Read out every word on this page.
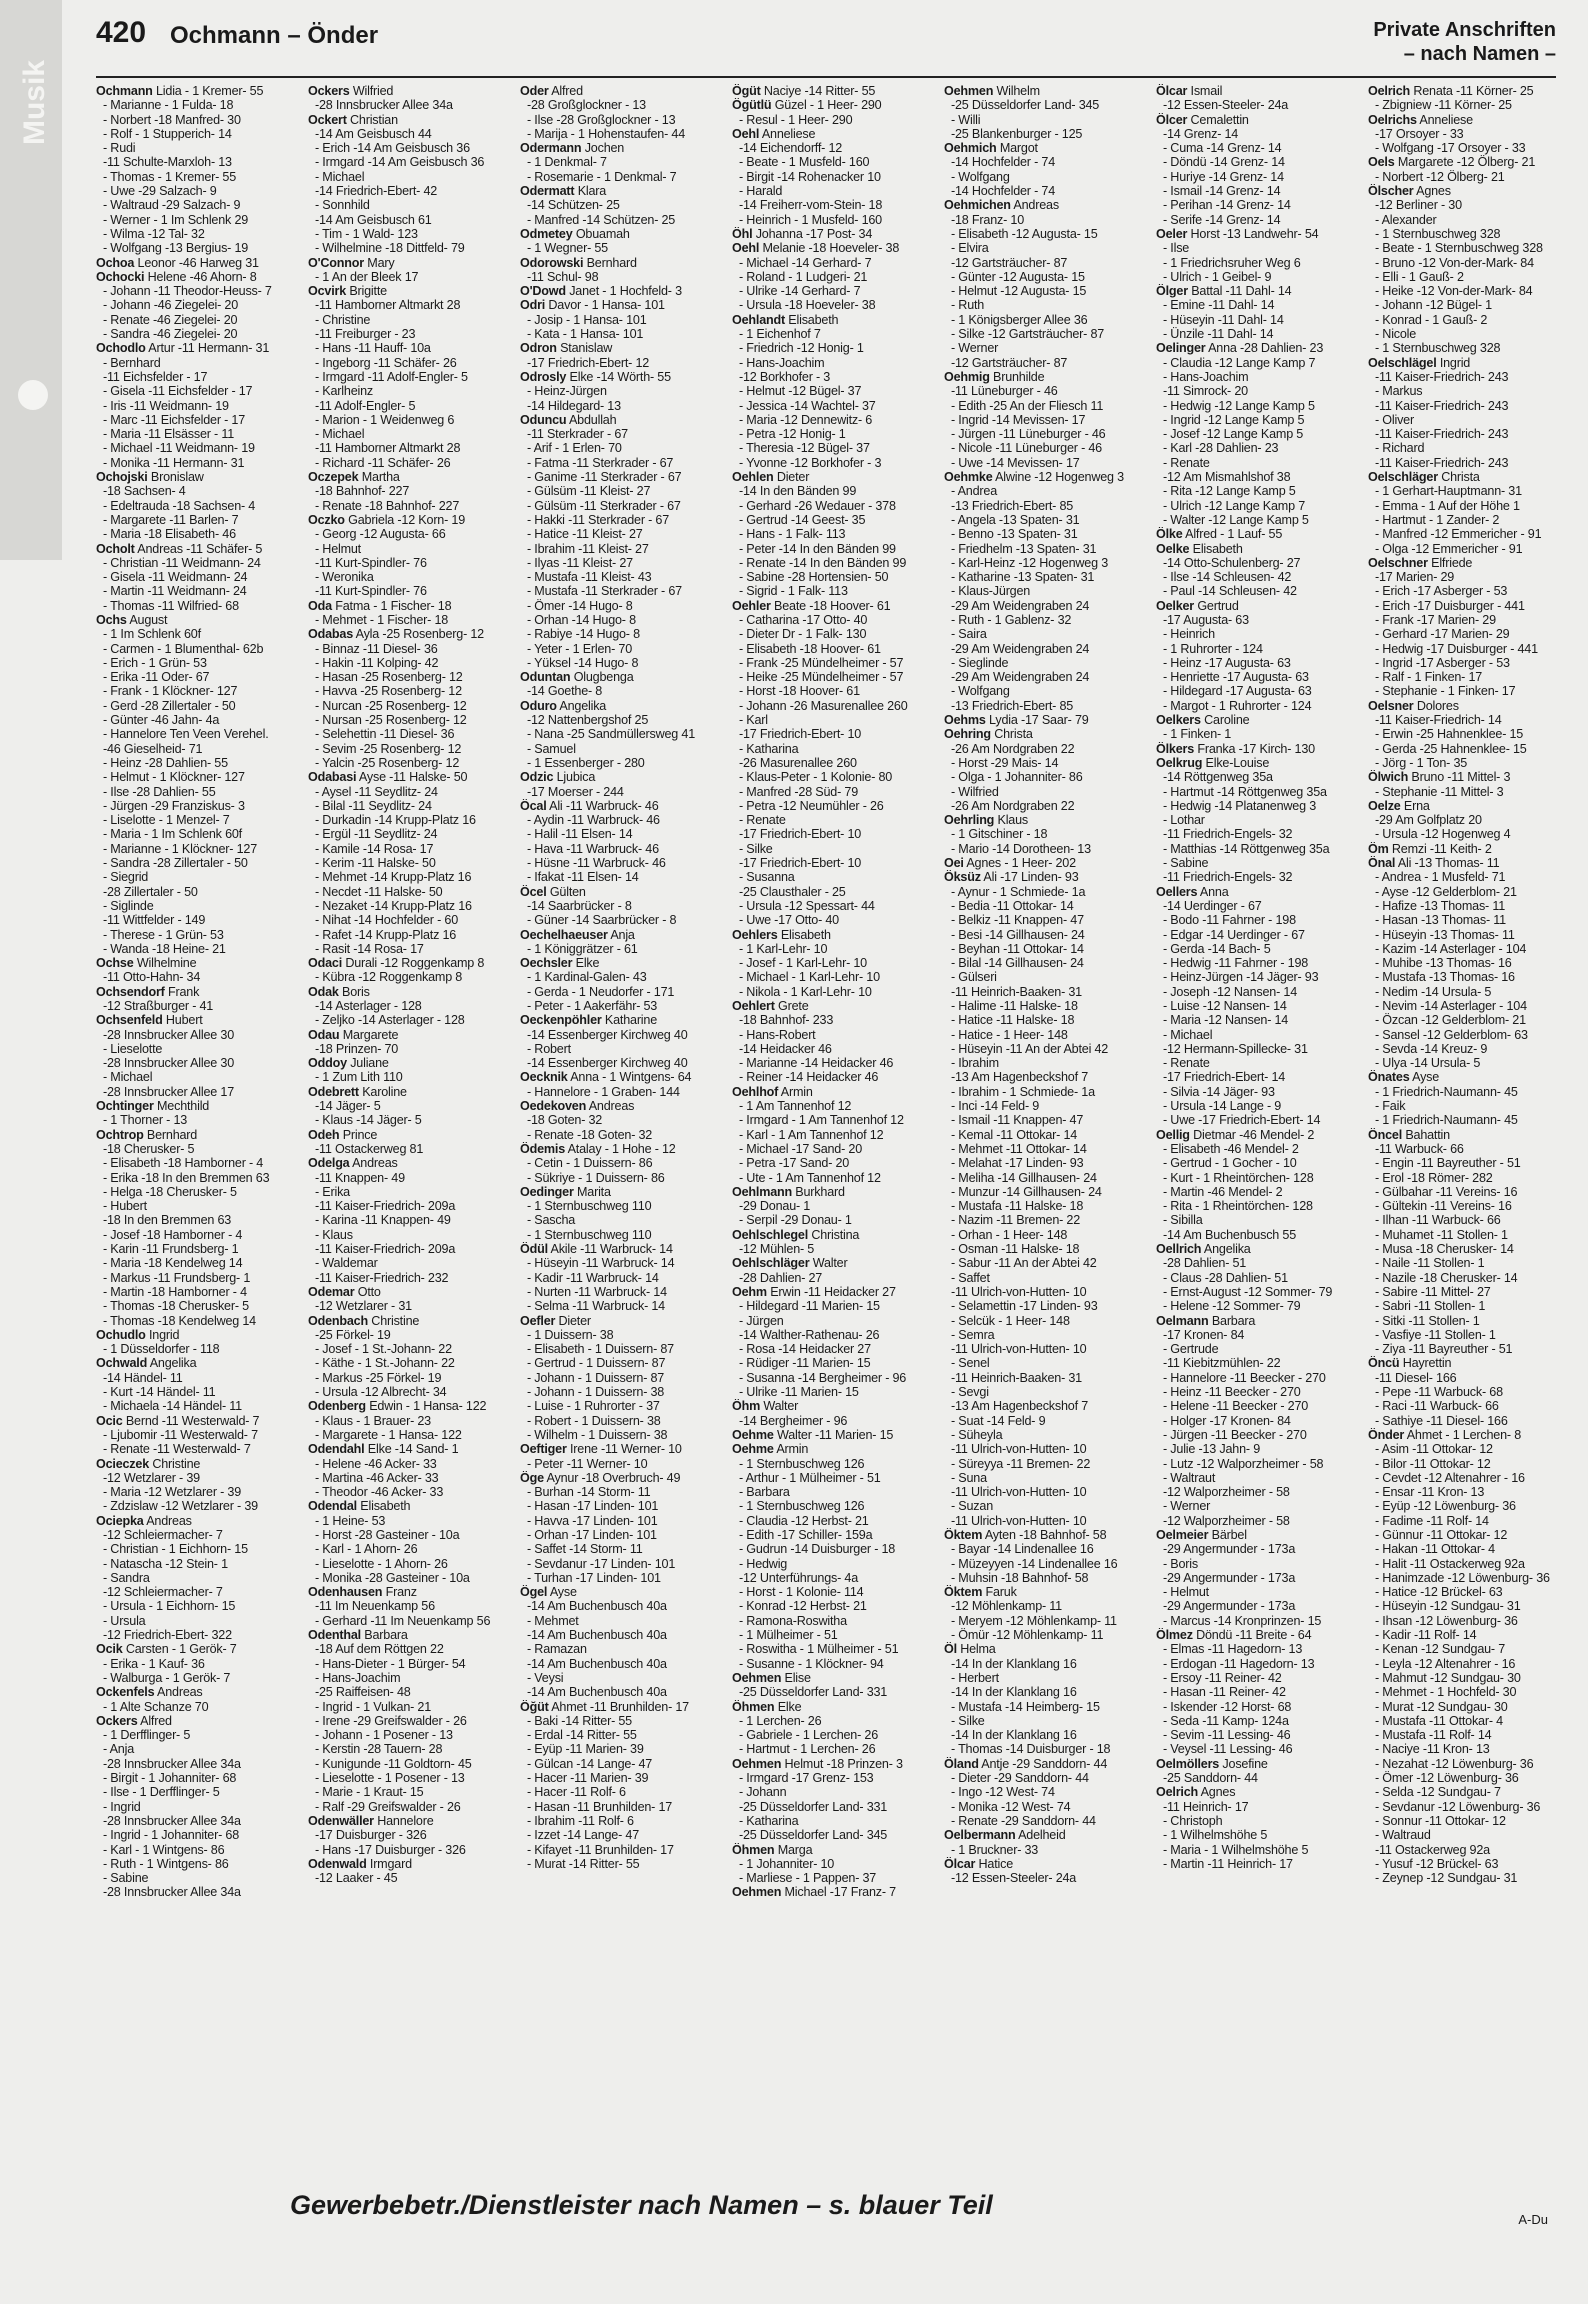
Musik
420 Ochmann – Önder	Private Anschriften
– nach Namen –
Ochmann Lidia - 1 Kremer- 55
- Marianne - 1 Fulda- 18
- Norbert -18 Manfred- 30
- Rolf - 1 Stupperich- 14
- Rudi
-11 Schulte-Marxloh- 13
- Thomas - 1 Kremer- 55
- Uwe -29 Salzach- 9
- Waltraud -29 Salzach- 9
- Werner - 1 Im Schlenk 29
- Wilma -12 Tal- 32
- Wolfgang -13 Bergius- 19
Ochoa Leonor -46 Harweg 31
Ochocki Helene -46 Ahorn- 8
- Johann -11 Theodor-Heuss- 7
- Johann -46 Ziegelei- 20
- Renate -46 Ziegelei- 20
- Sandra -46 Ziegelei- 20
Ochodlo Artur -11 Hermann- 31
- Bernhard
-11 Eichsfelder - 17
- Gisela -11 Eichsfelder - 17
- Iris -11 Weidmann- 19
- Marc -11 Eichsfelder - 17
- Maria -11 Elsässer - 11
- Michael -11 Weidmann- 19
- Monika -11 Hermann- 31
Ochojski Bronislaw
-18 Sachsen- 4
- Edeltrauda -18 Sachsen- 4
- Margarete -11 Barlen- 7
- Maria -18 Elisabeth- 46
Ocholt Andreas -11 Schäfer- 5
- Christian -11 Weidmann- 24
- Gisela -11 Weidmann- 24
- Martin -11 Weidmann- 24
- Thomas -11 Wilfried- 68
Ochs August
- 1 Im Schlenk 60f
- Carmen - 1 Blumenthal- 62b
- Erich - 1 Grün- 53
- Erika -11 Oder- 67
- Frank - 1 Klöckner- 127
- Gerd -28 Zillertaler - 50
- Günter -46 Jahn- 4a
- Hannelore Ten Veen Verehel.
-46 Gieselheid- 71
- Heinz -28 Dahlien- 55
- Helmut - 1 Klöckner- 127
- Ilse -28 Dahlien- 55
- Jürgen -29 Franziskus- 3
- Liselotte - 1 Menzel- 7
- Maria - 1 Im Schlenk 60f
- Marianne - 1 Klöckner- 127
- Sandra -28 Zillertaler - 50
- Siegrid
-28 Zillertaler - 50
- Siglinde
-11 Wittfelder - 149
- Therese - 1 Grün- 53
- Wanda -18 Heine- 21
Ochse Wilhelmine
-11 Otto-Hahn- 34
Ochsendorf Frank
-12 Straßburger - 41
Ochsenfeld Hubert
-28 Innsbrucker Allee 30
- Lieselotte
-28 Innsbrucker Allee 30
- Michael
-28 Innsbrucker Allee 17
Ochtinger Mechthild
- 1 Thorner - 13
Ochtrop Bernhard
-18 Cherusker- 5
- Elisabeth -18 Hamborner - 4
- Erika -18 In den Bremmen 63
- Helga -18 Cherusker- 5
- Hubert
-18 In den Bremmen 63
- Josef -18 Hamborner - 4
- Karin -11 Frundsberg- 1
- Maria -18 Kendelweg 14
- Markus -11 Frundsberg- 1
- Martin -18 Hamborner - 4
- Thomas -18 Cherusker- 5
- Thomas -18 Kendelweg 14
Ochudlo Ingrid
- 1 Düsseldorfer - 118
Ochwald Angelika
-14 Händel- 11
- Kurt -14 Händel- 11
- Michaela -14 Händel- 11
Ocic Bernd -11 Westerwald- 7
- Ljubomir -11 Westerwald- 7
- Renate -11 Westerwald- 7
Ocieczek Christine
-12 Wetzlarer - 39
- Maria -12 Wetzlarer - 39
- Zdzislaw -12 Wetzlarer - 39
Ociepka Andreas
-12 Schleiermacher- 7
- Christian - 1 Eichhorn- 15
- Natascha -12 Stein- 1
- Sandra
-12 Schleiermacher- 7
- Ursula - 1 Eichhorn- 15
- Ursula
-12 Friedrich-Ebert- 322
Ocik Carsten - 1 Gerök- 7
- Erika - 1 Kauf- 36
- Walburga - 1 Gerök- 7
Ockenfels Andreas
- 1 Alte Schanze 70
Ockers Alfred
- 1 Derfflinger- 5
- Anja
-28 Innsbrucker Allee 34a
- Birgit - 1 Johanniter- 68
- Ilse - 1 Derfflinger- 5
- Ingrid
-28 Innsbrucker Allee 34a
- Ingrid - 1 Johanniter- 68
- Karl - 1 Wintgens- 86
- Ruth - 1 Wintgens- 86
- Sabine
-28 Innsbrucker Allee 34a
Ockers Wilfried
-28 Innsbrucker Allee 34a
Ockert Christian
-14 Am Geisbusch 44
- Erich -14 Am Geisbusch 36
- Irmgard -14 Am Geisbusch 36
- Michael
-14 Friedrich-Ebert- 42
- Sonnhild
-14 Am Geisbusch 61
- Tim - 1 Wald- 123
- Wilhelmine -18 Dittfeld- 79
O'Connor Mary
- 1 An der Bleek 17
Ocvirk Brigitte
-11 Hamborner Altmarkt 28
- Christine
-11 Freiburger - 23
- Hans -11 Hauff- 10a
- Ingeborg -11 Schäfer- 26
- Irmgard -11 Adolf-Engler- 5
- Karlheinz
-11 Adolf-Engler- 5
- Marion - 1 Weidenweg 6
- Michael
-11 Hamborner Altmarkt 28
- Richard -11 Schäfer- 26
Oczepek Martha
-18 Bahnhof- 227
- Renate -18 Bahnhof- 227
Oczko Gabriela -12 Korn- 19
- Georg -12 Augusta- 66
- Helmut
-11 Kurt-Spindler- 76
- Weronika
-11 Kurt-Spindler- 76
Oda Fatma - 1 Fischer- 18
- Mehmet - 1 Fischer- 18
Odabas Ayla -25 Rosenberg- 12
- Binnaz -11 Diesel- 36
- Hakin -11 Kolping- 42
- Hasan -25 Rosenberg- 12
- Havva -25 Rosenberg- 12
- Nurcan -25 Rosenberg- 12
- Nursan -25 Rosenberg- 12
- Selehettin -11 Diesel- 36
- Sevim -25 Rosenberg- 12
- Yalcin -25 Rosenberg- 12
Odabasi Ayse -11 Halske- 50
- Aysel -11 Seydlitz- 24
- Bilal -11 Seydlitz- 24
- Durkadin -14 Krupp-Platz 16
- Ergül -11 Seydlitz- 24
- Kamile -14 Rosa- 17
- Kerim -11 Halske- 50
- Mehmet -14 Krupp-Platz 16
- Necdet -11 Halske- 50
- Nezaket -14 Krupp-Platz 16
- Nihat -14 Hochfelder - 60
- Rafet -14 Krupp-Platz 16
- Rasit -14 Rosa- 17
Odaci Durali -12 Roggenkamp 8
- Kübra -12 Roggenkamp 8
Odak Boris
-14 Asterlager - 128
- Zeljko -14 Asterlager - 128
Odau Margarete
-18 Prinzen- 70
Oddoy Juliane
- 1 Zum Lith 110
Odebrett Karoline
-14 Jäger- 5
- Klaus -14 Jäger- 5
Odeh Prince
-11 Ostackerweg 81
Odelga Andreas
-11 Knappen- 49
- Erika
-11 Kaiser-Friedrich- 209a
- Karina -11 Knappen- 49
- Klaus
-11 Kaiser-Friedrich- 209a
- Waldemar
-11 Kaiser-Friedrich- 232
Odemar Otto
-12 Wetzlarer - 31
Odenbach Christine
-25 Förkel- 19
- Josef - 1 St.-Johann- 22
- Käthe - 1 St.-Johann- 22
- Markus -25 Förkel- 19
- Ursula -12 Albrecht- 34
Odenberg Edwin - 1 Hansa- 122
- Klaus - 1 Brauer- 23
- Margarete - 1 Hansa- 122
Odendahl Elke -14 Sand- 1
- Helene -46 Acker- 33
- Martina -46 Acker- 33
- Theodor -46 Acker- 33
Odendal Elisabeth
- 1 Heine- 53
- Horst -28 Gasteiner - 10a
- Karl - 1 Ahorn- 26
- Lieselotte - 1 Ahorn- 26
- Monika -28 Gasteiner - 10a
Odenhausen Franz
-11 Im Neuenkamp 56
- Gerhard -11 Im Neuenkamp 56
Odenthal Barbara
-18 Auf dem Röttgen 22
- Hans-Dieter - 1 Bürger- 54
- Hans-Joachim
-25 Raiffeisen- 48
- Ingrid - 1 Vulkan- 21
- Irene -29 Greifswalder - 26
- Johann - 1 Posener - 13
- Kerstin -28 Tauern- 28
- Kunigunde -11 Goldtorn- 45
- Lieselotte - 1 Posener - 13
- Marie - 1 Kraut- 15
- Ralf -29 Greifswalder - 26
Odenwäller Hannelore
-17 Duisburger - 326
- Hans -17 Duisburger - 326
Odenwald Irmgard
-12 Laaker - 45
Oder Alfred
-28 Großglockner - 13
- Ilse -28 Großglockner - 13
- Marija - 1 Hohenstaufen- 44
Odermann Jochen
- 1 Denkmal- 7
- Rosemarie - 1 Denkmal- 7
Odermatt Klara
-14 Schützen- 25
- Manfred -14 Schützen- 25
Odmetey Obuamah
- 1 Wegner- 55
Odorowski Bernhard
-11 Schul- 98
O'Dowd Janet - 1 Hochfeld- 3
Odri Davor - 1 Hansa- 101
- Josip - 1 Hansa- 101
- Kata - 1 Hansa- 101
Odron Stanislaw
-17 Friedrich-Ebert- 12
Odrosly Elke -14 Wörth- 55
- Heinz-Jürgen
-14 Hildegard- 13
Oduncu Abdullah
-11 Sterkrader - 67
- Arif - 1 Erlen- 70
- Fatma -11 Sterkrader - 67
- Ganime -11 Sterkrader - 67
- Gülsüm -11 Kleist- 27
- Gülsüm -11 Sterkrader - 67
- Hakki -11 Sterkrader - 67
- Hatice -11 Kleist- 27
- Ibrahim -11 Kleist- 27
- Ilyas -11 Kleist- 27
- Mustafa -11 Kleist- 43
- Mustafa -11 Sterkrader - 67
- Ömer -14 Hugo- 8
- Orhan -14 Hugo- 8
- Rabiye -14 Hugo- 8
- Yeter - 1 Erlen- 70
- Yüksel -14 Hugo- 8
Oduntan Olugbenga
-14 Goethe- 8
Oduro Angelika
-12 Nattenbergshof 25
- Nana -25 Sandmüllersweg 41
- Samuel
- 1 Essenberger - 280
Odzic Ljubica
-17 Moerser - 244
Öcal Ali -11 Warbruck- 46
- Aydin -11 Warbruck- 46
- Halil -11 Elsen- 14
- Hava -11 Warbruck- 46
- Hüsne -11 Warbruck- 46
- Ifakat -11 Elsen- 14
Öcel Gülten
-14 Saarbrücker - 8
- Güner -14 Saarbrücker - 8
Oechelhaeuser Anja
- 1 Königgrätzer - 61
Oechsler Elke
- 1 Kardinal-Galen- 43
- Gerda - 1 Neudorfer - 171
- Peter - 1 Aakerfähr- 53
Oeckenpöhler Katharine
-14 Essenberger Kirchweg 40
- Robert
-14 Essenberger Kirchweg 40
Oecknik Anna - 1 Wintgens- 64
- Hannelore - 1 Graben- 144
Oedekoven Andreas
-18 Goten- 32
- Renate -18 Goten- 32
Ödemis Atalay - 1 Hohe - 12
- Cetin - 1 Duissern- 86
- Sükriye - 1 Duissern- 86
Oedinger Marita
- 1 Sternbuschweg 110
- Sascha
- 1 Sternbuschweg 110
Ödül Akile -11 Warbruck- 14
- Hüseyin -11 Warbruck- 14
- Kadir -11 Warbruck- 14
- Nurten -11 Warbruck- 14
- Selma -11 Warbruck- 14
Oefler Dieter
- 1 Duissern- 38
- Elisabeth - 1 Duissern- 87
- Gertrud - 1 Duissern- 87
- Johann - 1 Duissern- 87
- Johann - 1 Duissern- 38
- Luise - 1 Ruhrorter - 37
- Robert - 1 Duissern- 38
- Wilhelm - 1 Duissern- 38
Oeftiger Irene -11 Werner- 10
- Peter -11 Werner- 10
Öge Aynur -18 Overbruch- 49
- Burhan -14 Storm- 11
- Hasan -17 Linden- 101
- Havva -17 Linden- 101
- Orhan -17 Linden- 101
- Saffet -14 Storm- 11
- Sevdanur -17 Linden- 101
- Turhan -17 Linden- 101
Ögel Ayse
-14 Am Buchenbusch 40a
- Mehmet
-14 Am Buchenbusch 40a
- Ramazan
-14 Am Buchenbusch 40a
- Veysi
-14 Am Buchenbusch 40a
Öğüt Ahmet -11 Brunhilden- 17
- Baki -14 Ritter- 55
- Erdal -14 Ritter- 55
- Eyüp -11 Marien- 39
- Gülcan -14 Lange- 47
- Hacer -11 Marien- 39
- Hacer -11 Rolf- 6
- Hasan -11 Brunhilden- 17
- Ibrahim -11 Rolf- 6
- Izzet -14 Lange- 47
- Kifayet -11 Brunhilden- 17
- Murat -14 Ritter- 55
Ögüt Naciye -14 Ritter- 55
Ögütlü Güzel - 1 Heer- 290
- Resul - 1 Heer- 290
Oehl Anneliese
-14 Eichendorff- 12
- Beate - 1 Musfeld- 160
- Birgit -14 Rohenacker 10
- Harald
-14 Freiherr-vom-Stein- 18
- Heinrich - 1 Musfeld- 160
Öhl Johanna -17 Post- 34
Oehl Melanie -18 Hoeveler- 38
- Michael -14 Gerhard- 7
- Roland - 1 Ludgeri- 21
- Ulrike -14 Gerhard- 7
- Ursula -18 Hoeveler- 38
Oehlandt Elisabeth
- 1 Eichenhof 7
- Friedrich -12 Honig- 1
- Hans-Joachim
-12 Borkhofer - 3
- Helmut -12 Bügel- 37
- Jessica -14 Wachtel- 37
- Maria -12 Dennewitz- 6
- Petra -12 Honig- 1
- Theresia -12 Bügel- 37
- Yvonne -12 Borkhofer - 3
Oehlen Dieter
-14 In den Bänden 99
- Gerhard -26 Wedauer - 378
- Gertrud -14 Geest- 35
- Hans - 1 Falk- 113
- Peter -14 In den Bänden 99
- Renate -14 In den Bänden 99
- Sabine -28 Hortensien- 50
- Sigrid - 1 Falk- 113
Oehler Beate -18 Hoover- 61
- Catharina -17 Otto- 40
- Dieter Dr - 1 Falk- 130
- Elisabeth -18 Hoover- 61
- Frank -25 Mündelheimer - 57
- Heike -25 Mündelheimer - 57
- Horst -18 Hoover- 61
- Johann -26 Masurenallee 260
- Karl
-17 Friedrich-Ebert- 10
- Katharina
-26 Masurenallee 260
- Klaus-Peter - 1 Kolonie- 80
- Manfred -28 Süd- 79
- Petra -12 Neumühler - 26
- Renate
-17 Friedrich-Ebert- 10
- Silke
-17 Friedrich-Ebert- 10
- Susanna
-25 Clausthaler - 25
- Ursula -12 Spessart- 44
- Uwe -17 Otto- 40
Oehlers Elisabeth
- 1 Karl-Lehr- 10
- Josef - 1 Karl-Lehr- 10
- Michael - 1 Karl-Lehr- 10
- Nikola - 1 Karl-Lehr- 10
Oehlert Grete
-18 Bahnhof- 233
- Hans-Robert
-14 Heidacker 46
- Marianne -14 Heidacker 46
- Reiner -14 Heidacker 46
Oehlhof Armin
- 1 Am Tannenhof 12
- Irmgard - 1 Am Tannenhof 12
- Karl - 1 Am Tannenhof 12
- Michael -17 Sand- 20
- Petra -17 Sand- 20
- Ute - 1 Am Tannenhof 12
Oehlmann Burkhard
-29 Donau- 1
- Serpil -29 Donau- 1
Oehlschlegel Christina
-12 Mühlen- 5
Oehlschläger Walter
-28 Dahlien- 27
Oehm Erwin -11 Heidacker 27
- Hildegard -11 Marien- 15
- Jürgen
-14 Walther-Rathenau- 26
- Rosa -14 Heidacker 27
- Rüdiger -11 Marien- 15
- Susanna -14 Bergheimer - 96
- Ulrike -11 Marien- 15
Öhm Walter
-14 Bergheimer - 96
Oehme Walter -11 Marien- 15
Oehme Armin
- 1 Sternbuschweg 126
- Arthur - 1 Mülheimer - 51
- Barbara
- 1 Sternbuschweg 126
- Claudia -12 Herbst- 21
- Edith -17 Schiller- 159a
- Gudrun -14 Duisburger - 18
- Hedwig
-12 Unterführungs- 4a
- Horst - 1 Kolonie- 114
- Konrad -12 Herbst- 21
- Ramona-Roswitha
- 1 Mülheimer - 51
- Roswitha - 1 Mülheimer - 51
- Susanne - 1 Klöckner- 94
Oehmen Elise
-25 Düsseldorfer Land- 331
Öhmen Elke
- 1 Lerchen- 26
- Gabriele - 1 Lerchen- 26
- Hartmut - 1 Lerchen- 26
Oehmen Helmut -18 Prinzen- 3
- Irmgard -17 Grenz- 153
- Johann
-25 Düsseldorfer Land- 331
- Katharina
-25 Düsseldorfer Land- 345
Öhmen Marga
- 1 Johanniter- 10
- Marliese - 1 Pappen- 37
Oehmen Michael -17 Franz- 7
Oehmen Wilhelm
-25 Düsseldorfer Land- 345
- Willi
-25 Blankenburger - 125
Oehmich Margot
-14 Hochfelder - 74
- Wolfgang
-14 Hochfelder - 74
Oehmichen Andreas
-18 Franz- 10
- Elisabeth -12 Augusta- 15
- Elvira
-12 Gartsträucher- 87
- Günter -12 Augusta- 15
- Helmut -12 Augusta- 15
- Ruth
- 1 Königsberger Allee 36
- Silke -12 Gartsträucher- 87
- Werner
-12 Gartsträucher- 87
Oehmig Brunhilde
-11 Lüneburger - 46
- Edith -25 An der Fliesch 11
- Ingrid -14 Mevissen- 17
- Jürgen -11 Lüneburger - 46
- Nicole -11 Lüneburger - 46
- Uwe -14 Mevissen- 17
Oehmke Alwine -12 Hogenweg 3
- Andrea
-13 Friedrich-Ebert- 85
- Angela -13 Spaten- 31
- Benno -13 Spaten- 31
- Friedhelm -13 Spaten- 31
- Karl-Heinz -12 Hogenweg 3
- Katharine -13 Spaten- 31
- Klaus-Jürgen
-29 Am Weidengraben 24
- Ruth - 1 Gablenz- 32
- Saira
-29 Am Weidengraben 24
- Sieglinde
-29 Am Weidengraben 24
- Wolfgang
-13 Friedrich-Ebert- 85
Oehms Lydia -17 Saar- 79
Oehring Christa
-26 Am Nordgraben 22
- Horst -29 Mais- 14
- Olga - 1 Johanniter- 86
- Wilfried
-26 Am Nordgraben 22
Oehrling Klaus
- 1 Gitschiner - 18
- Mario -14 Dorotheen- 13
Oei Agnes - 1 Heer- 202
Öksüz Ali -17 Linden- 93
- Aynur - 1 Schmiede- 1a
- Bedia -11 Ottokar- 14
- Belkiz -11 Knappen- 47
- Besi -14 Gillhausen- 24
- Beyhan -11 Ottokar- 14
- Bilal -14 Gillhausen- 24
- Gülseri
-11 Heinrich-Baaken- 31
- Halime -11 Halske- 18
- Hatice -11 Halske- 18
- Hatice - 1 Heer- 148
- Hüseyin -11 An der Abtei 42
- Ibrahim
-13 Am Hagenbeckshof 7
- Ibrahim - 1 Schmiede- 1a
- Inci -14 Feld- 9
- Ismail -11 Knappen- 47
- Kemal -11 Ottokar- 14
- Mehmet -11 Ottokar- 14
- Melahat -17 Linden- 93
- Meliha -14 Gillhausen- 24
- Munzur -14 Gillhausen- 24
- Mustafa -11 Halske- 18
- Nazim -11 Bremen- 22
- Orhan - 1 Heer- 148
- Osman -11 Halske- 18
- Sabur -11 An der Abtei 42
- Saffet
-11 Ulrich-von-Hutten- 10
- Selamettin -17 Linden- 93
- Selcük - 1 Heer- 148
- Semra
-11 Ulrich-von-Hutten- 10
- Senel
-11 Heinrich-Baaken- 31
- Sevgi
-13 Am Hagenbeckshof 7
- Suat -14 Feld- 9
- Süheyla
-11 Ulrich-von-Hutten- 10
- Süreyya -11 Bremen- 22
- Suna
-11 Ulrich-von-Hutten- 10
- Suzan
-11 Ulrich-von-Hutten- 10
Öktem Ayten -18 Bahnhof- 58
- Bayar -14 Lindenallee 16
- Müzeyyen -14 Lindenallee 16
- Muhsin -18 Bahnhof- 58
Öktem Faruk
-12 Möhlenkamp- 11
- Meryem -12 Möhlenkamp- 11
- Ömür -12 Möhlenkamp- 11
Öl Helma
-14 In der Klanklang 16
- Herbert
-14 In der Klanklang 16
- Mustafa -14 Heimberg- 15
- Silke
-14 In der Klanklang 16
- Thomas -14 Duisburger - 18
Öland Antje -29 Sanddorn- 44
- Dieter -29 Sanddorn- 44
- Ingo -12 West- 74
- Monika -12 West- 74
- Renate -29 Sanddorn- 44
Oelbermann Adelheid
- 1 Bruckner- 33
Ölcar Hatice
-12 Essen-Steeler- 24a
Ölcar Ismail
-12 Essen-Steeler- 24a
Ölcer Cemalettin
-14 Grenz- 14
- Cuma -14 Grenz- 14
- Döndü -14 Grenz- 14
- Huriye -14 Grenz- 14
- Ismail -14 Grenz- 14
- Perihan -14 Grenz- 14
- Serife -14 Grenz- 14
Oeler Horst -13 Landwehr- 54
- Ilse
- 1 Friedrichsruher Weg 6
- Ulrich - 1 Geibel- 9
Ölger Battal -11 Dahl- 14
- Emine -11 Dahl- 14
- Hüseyin -11 Dahl- 14
- Ünzile -11 Dahl- 14
Oelinger Anna -28 Dahlien- 23
- Claudia -12 Lange Kamp 7
- Hans-Joachim
-11 Simrock- 20
- Hedwig -12 Lange Kamp 5
- Ingrid -12 Lange Kamp 5
- Josef -12 Lange Kamp 5
- Karl -28 Dahlien- 23
- Renate
-12 Am Mismahlshof 38
- Rita -12 Lange Kamp 5
- Ulrich -12 Lange Kamp 7
- Walter -12 Lange Kamp 5
Ölke Alfred - 1 Lauf- 55
Oelke Elisabeth
-14 Otto-Schulenberg- 27
- Ilse -14 Schleusen- 42
- Paul -14 Schleusen- 42
Oelker Gertrud
-17 Augusta- 63
- Heinrich
- 1 Ruhrorter - 124
- Heinz -17 Augusta- 63
- Henriette -17 Augusta- 63
- Hildegard -17 Augusta- 63
- Margot - 1 Ruhrorter - 124
Oelkers Caroline
- 1 Finken- 1
Ölkers Franka -17 Kirch- 130
Oelkrug Elke-Louise
-14 Röttgenweg 35a
- Hartmut -14 Röttgenweg 35a
- Hedwig -14 Platanenweg 3
- Lothar
-11 Friedrich-Engels- 32
- Matthias -14 Röttgenweg 35a
- Sabine
-11 Friedrich-Engels- 32
Oellers Anna
-14 Uerdinger - 67
- Bodo -11 Fahrner - 198
- Edgar -14 Uerdinger - 67
- Gerda -14 Bach- 5
- Hedwig -11 Fahrner - 198
- Heinz-Jürgen -14 Jäger- 93
- Joseph -12 Nansen- 14
- Luise -12 Nansen- 14
- Maria -12 Nansen- 14
- Michael
-12 Hermann-Spillecke- 31
- Renate
-17 Friedrich-Ebert- 14
- Silvia -14 Jäger- 93
- Ursula -14 Lange - 9
- Uwe -17 Friedrich-Ebert- 14
Oellig Dietmar -46 Mendel- 2
- Elisabeth -46 Mendel- 2
- Gertrud - 1 Gocher - 10
- Kurt - 1 Rheintörchen- 128
- Martin -46 Mendel- 2
- Rita - 1 Rheintörchen- 128
- Sibilla
-14 Am Buchenbusch 55
Oellrich Angelika
-28 Dahlien- 51
- Claus -28 Dahlien- 51
- Ernst-August -12 Sommer- 79
- Helene -12 Sommer- 79
Oelmann Barbara
-17 Kronen- 84
- Gertrude
-11 Kiebitzmühlen- 22
- Hannelore -11 Beecker - 270
- Heinz -11 Beecker - 270
- Helene -11 Beecker - 270
- Holger -17 Kronen- 84
- Jürgen -11 Beecker - 270
- Julie -13 Jahn- 9
- Lutz -12 Walporzheimer - 58
- Waltraut
-12 Walporzheimer - 58
- Werner
-12 Walporzheimer - 58
Oelmeier Bärbel
-29 Angermunder - 173a
- Boris
-29 Angermunder - 173a
- Helmut
-29 Angermunder - 173a
- Marcus -14 Kronprinzen- 15
Ölmez Döndü -11 Breite - 64
- Elmas -11 Hagedorn- 13
- Erdogan -11 Hagedorn- 13
- Ersoy -11 Reiner- 42
- Hasan -11 Reiner- 42
- Iskender -12 Horst- 68
- Seda -11 Kamp- 124a
- Sevim -11 Lessing- 46
- Veysel -11 Lessing- 46
Oelmöllers Josefine
-25 Sanddorn- 44
Oelrich Agnes
-11 Heinrich- 17
- Christoph
- 1 Wilhelmshöhe 5
- Maria - 1 Wilhelmshöhe 5
- Martin -11 Heinrich- 17
Oelrich Renata -11 Körner- 25
- Zbigniew -11 Körner- 25
Oelrichs Anneliese
-17 Orsoyer - 33
- Wolfgang -17 Orsoyer - 33
Oels Margarete -12 Ölberg- 21
- Norbert -12 Ölberg- 21
Ölscher Agnes
-12 Berliner - 30
- Alexander
- 1 Sternbuschweg 328
- Beate - 1 Sternbuschweg 328
- Bruno -12 Von-der-Mark- 84
- Elli - 1 Gauß- 2
- Heike -12 Von-der-Mark- 84
- Johann -12 Bügel- 1
- Konrad - 1 Gauß- 2
- Nicole
- 1 Sternbuschweg 328
Oelschlägel Ingrid
-11 Kaiser-Friedrich- 243
- Markus
-11 Kaiser-Friedrich- 243
- Oliver
-11 Kaiser-Friedrich- 243
- Richard
-11 Kaiser-Friedrich- 243
Oelschläger Christa
- 1 Gerhart-Hauptmann- 31
- Emma - 1 Auf der Höhe 1
- Hartmut - 1 Zander- 2
- Manfred -12 Emmericher - 91
- Olga -12 Emmericher - 91
Oelschner Elfriede
-17 Marien- 29
- Erich -17 Asberger - 53
- Erich -17 Duisburger - 441
- Frank -17 Marien- 29
- Gerhard -17 Marien- 29
- Hedwig -17 Duisburger - 441
- Ingrid -17 Asberger - 53
- Ralf - 1 Finken- 17
- Stephanie - 1 Finken- 17
Oelsner Dolores
-11 Kaiser-Friedrich- 14
- Erwin -25 Hahnenklee- 15
- Gerda -25 Hahnenklee- 15
- Jörg - 1 Ton- 35
Ölwich Bruno -11 Mittel- 3
- Stephanie -11 Mittel- 3
Oelze Erna
-29 Am Golfplatz 20
- Ursula -12 Hogenweg 4
Öm Remzi -11 Keith- 2
Önal Ali -13 Thomas- 11
- Andrea - 1 Musfeld- 71
- Ayse -12 Gelderblom- 21
- Hafize -13 Thomas- 11
- Hasan -13 Thomas- 11
- Hüseyin -13 Thomas- 11
- Kazim -14 Asterlager - 104
- Muhibe -13 Thomas- 16
- Mustafa -13 Thomas- 16
- Nedim -14 Ursula- 5
- Nevim -14 Asterlager - 104
- Özcan -12 Gelderblom- 21
- Sansel -12 Gelderblom- 63
- Sevda -14 Kreuz- 9
- Ulya -14 Ursula- 5
Önates Ayse
- 1 Friedrich-Naumann- 45
- Faik
- 1 Friedrich-Naumann- 45
Öncel Bahattin
-11 Warbuck- 66
- Engin -11 Bayreuther - 51
- Erol -18 Römer- 282
- Gülbahar -11 Vereins- 16
- Gültekin -11 Vereins- 16
- Ilhan -11 Warbuck- 66
- Muhamet -11 Stollen- 1
- Musa -18 Cherusker- 14
- Naile -11 Stollen- 1
- Nazile -18 Cherusker- 14
- Sabire -11 Mittel- 27
- Sabri -11 Stollen- 1
- Sitki -11 Stollen- 1
- Vasfiye -11 Stollen- 1
- Ziya -11 Bayreuther - 51
Öncü Hayrettin
-11 Diesel- 166
- Pepe -11 Warbuck- 68
- Raci -11 Warbuck- 66
- Sathiye -11 Diesel- 166
Önder Ahmet - 1 Lerchen- 8
- Asim -11 Ottokar- 12
- Bilor -11 Ottokar- 12
- Cevdet -12 Altenahrer - 16
- Ensar -11 Kron- 13
- Eyüp -12 Löwenburg- 36
- Fadime -11 Rolf- 14
- Günnur -11 Ottokar- 12
- Hakan -11 Ottokar- 4
- Halit -11 Ostackerweg 92a
- Hanimzade -12 Löwenburg- 36
- Hatice -12 Brückel- 63
- Hüseyin -12 Sundgau- 31
- Ihsan -12 Löwenburg- 36
- Kadir -11 Rolf- 14
- Kenan -12 Sundgau- 7
- Leyla -12 Altenahrer - 16
- Mahmut -12 Sundgau- 30
- Mehmet - 1 Hochfeld- 30
- Murat -12 Sundgau- 30
- Mustafa -11 Ottokar- 4
- Mustafa -11 Rolf- 14
- Naciye -11 Kron- 13
- Nezahat -12 Löwenburg- 36
- Ömer -12 Löwenburg- 36
- Selda -12 Sundgau- 7
- Sevdanur -12 Löwenburg- 36
- Sonnur -11 Ottokar- 12
- Waltraud
-11 Ostackerweg 92a
- Yusuf -12 Brückel- 63
- Zeynep -12 Sundgau- 31
Gewerbebetr./Dienstleister nach Namen – s. blauer Teil	A-Du
